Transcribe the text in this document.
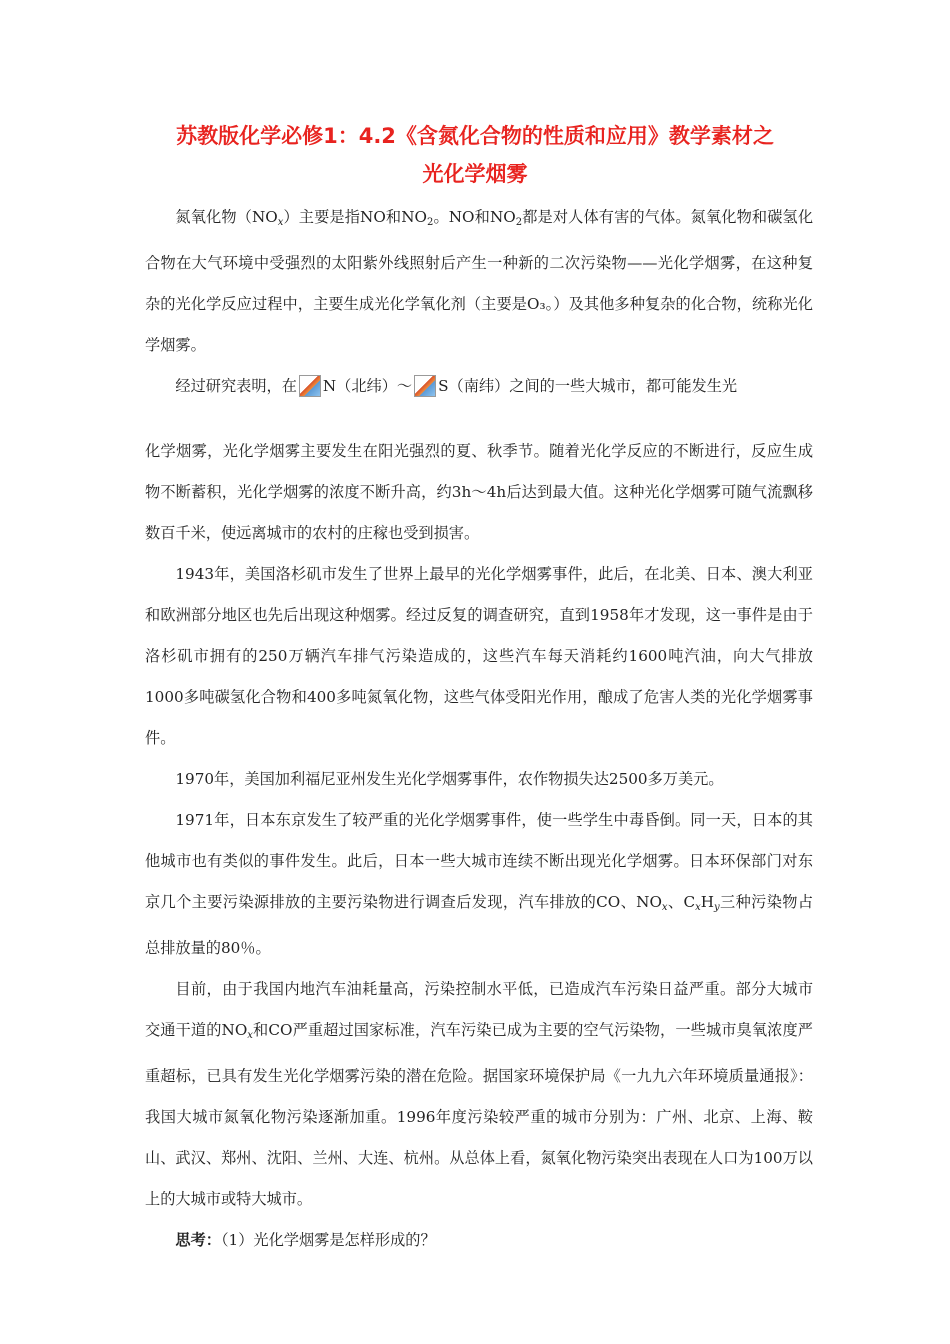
苏教版化学必修1：4.2《含氮化合物的性质和应用》教学素材之
光化学烟雾

氮氧化物$(NO_x)$主要是指NO和$NO_2$。NO和$NO_2$都是对人体有害的气体。氮氧化物和碳氢化合物在大气环境中受强烈的太阳紫外线照射后产生一种新的二次污染物——光化学烟雾，在这种复杂的光化学反应过程中，主要生成光化学氧化剂（主要是O₃。）及其他多种复杂的化合物，统称光化学烟雾。

经过研究表明，在 N（北纬）～ S（南纬）之间的一些大城市，都可能发生光

化学烟雾，光化学烟雾主要发生在阳光强烈的夏、秋季节。随着光化学反应的不断进行，反应生成物不断蓄积，光化学烟雾的浓度不断升高，约3h～4h后达到最大值。这种光化学烟雾可随气流飘移数百千米，使远离城市的农村的庄稼也受到损害。

1943年，美国洛杉矶市发生了世界上最早的光化学烟雾事件，此后，在北美、日本、澳大利亚和欧洲部分地区也先后出现这种烟雾。经过反复的调查研究，直到1958年才发现，这一事件是由于洛杉矶市拥有的250万辆汽车排气污染造成的，这些汽车每天消耗约1600吨汽油，向大气排放1000多吨碳氢化合物和400多吨氮氧化物，这些气体受阳光作用，酿成了危害人类的光化学烟雾事件。

1970年，美国加利福尼亚州发生光化学烟雾事件，农作物损失达2500多万美元。

1971年，日本东京发生了较严重的光化学烟雾事件，使一些学生中毒昏倒。同一天，日本的其他城市也有类似的事件发生。此后，日本一些大城市连续不断出现光化学烟雾。日本环保部门对东京几个主要污染源排放的主要污染物进行调查后发现，汽车排放的CO、$NO_x$、$C_xH_y$三种污染物占总排放量的80％。

目前，由于我国内地汽车油耗量高，污染控制水平低，已造成汽车污染日益严重。部分大城市交通干道的$NO_x$和CO严重超过国家标准，汽车污染已成为主要的空气污染物，一些城市臭氧浓度严重超标，已具有发生光化学烟雾污染的潜在危险。据国家环境保护局《一九九六年环境质量通报》：我国大城市氮氧化物污染逐渐加重。1996年度污染较严重的城市分别为：广州、北京、上海、鞍山、武汉、郑州、沈阳、兰州、大连、杭州。从总体上看，氮氧化物污染突出表现在人口为100万以上的大城市或特大城市。

思考：（1）光化学烟雾是怎样形成的？
